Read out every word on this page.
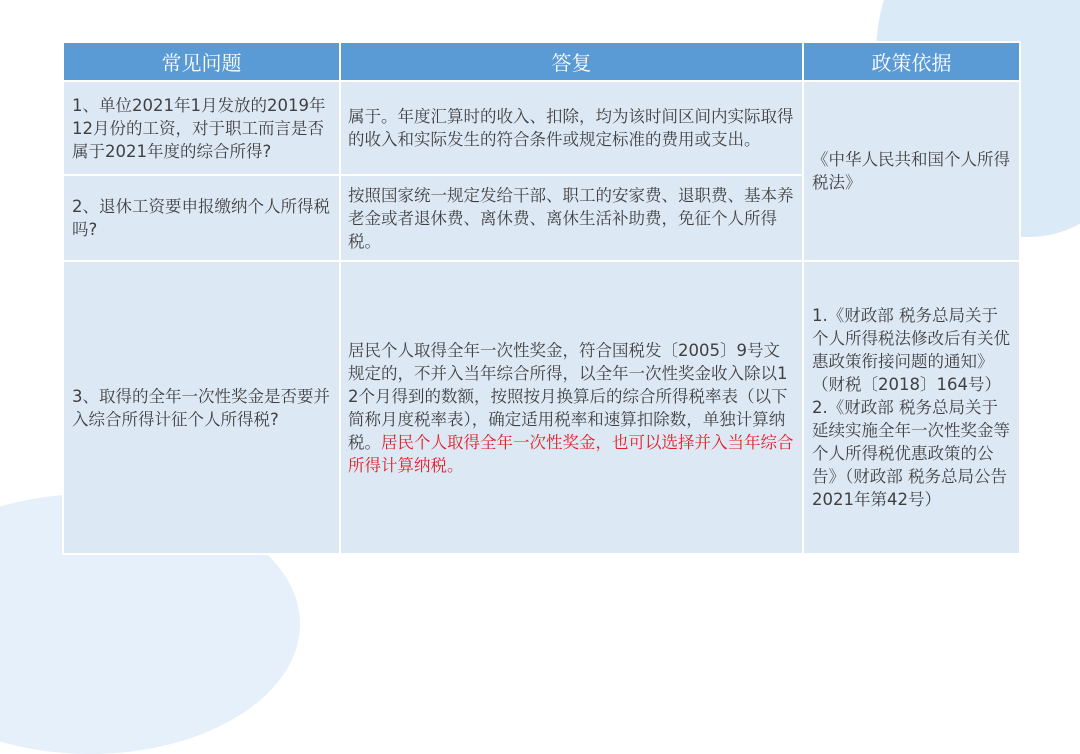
常见问题	答复	政策依据
1、单位2021年1月发放的2019年12月份的工资，对于职工而言是否属于2021年度的综合所得?	属于。年度汇算时的收入、扣除，均为该时间区间内实际取得的收入和实际发生的符合条件或规定标准的费用或支出。	《中华人民共和国个人所得税法》
2、退休工资要申报缴纳个人所得税吗?	按照国家统一规定发给干部、职工的安家费、退职费、基本养老金或者退休费、离休费、离休生活补助费，免征个人所得税。	
3、取得的全年一次性奖金是否要并入综合所得计征个人所得税?	居民个人取得全年一次性奖金，符合国税发〔2005〕9号文规定的，不并入当年综合所得，以全年一次性奖金收入除以12个月得到的数额，按照按月换算后的综合所得税率表（以下简称月度税率表），确定适用税率和速算扣除数，单独计算纳税。居民个人取得全年一次性奖金，也可以选择并入当年综合所得计算纳税。	1.《财政部 税务总局关于个人所得税法修改后有关优惠政策衔接问题的通知》（财税〔2018〕164号）2.《财政部 税务总局关于延续实施全年一次性奖金等个人所得税优惠政策的公告》（财政部 税务总局公告2021年第42号）
